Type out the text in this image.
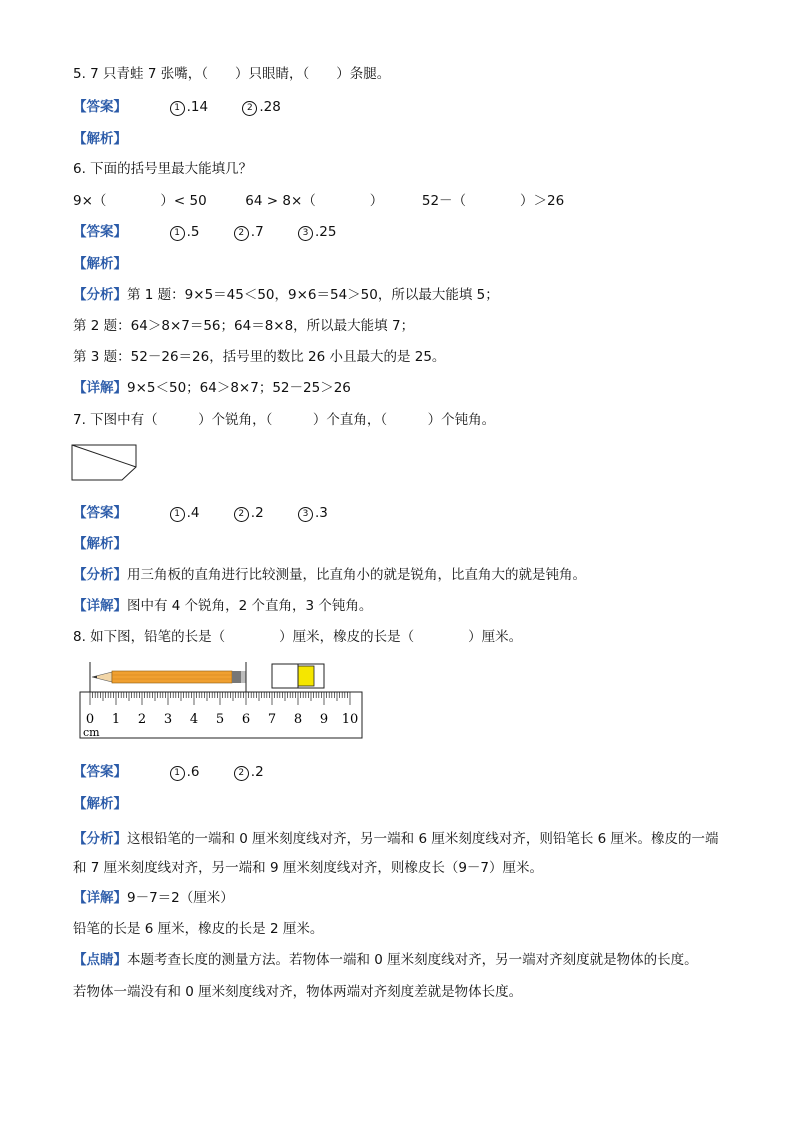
5. 7 只青蛙 7 张嘴，（　　）只眼睛，（　　）条腿。
【答案】	1 .14	2 .28
【解析】
6. 下面的括号里最大能填几？
9×（　　　　）< 50	64 > 8×（　　　　）	52－（　　　　）＞26
【答案】	1 .5	2 .7	3 .25
【解析】
【分析】第 1 题：9×5＝45＜50，9×6＝54＞50，所以最大能填 5；
第 2 题：64＞8×7＝56；64＝8×8，所以最大能填 7；
第 3 题：52－26＝26，括号里的数比 26 小且最大的是 25。
【详解】9×5＜50；64＞8×7；52－25＞26
7. 下图中有（　　　）个锐角，（　　　）个直角，（　　　）个钝角。
【答案】	1 .4	2 .2	3 .3
【解析】
【分析】用三角板的直角进行比较测量，比直角小的就是锐角，比直角大的就是钝角。
【详解】图中有 4 个锐角，2 个直角，3 个钝角。
8. 如下图，铅笔的长是（　　　　）厘米，橡皮的长是（　　　　）厘米。
0 1 2 3 4 5 6 7 8 9 10
cm
【答案】	1 .6	2 .2
【解析】
【分析】这根铅笔的一端和 0 厘米刻度线对齐，另一端和 6 厘米刻度线对齐，则铅笔长 6 厘米。橡皮的一端和 7 厘米刻度线对齐，另一端和 9 厘米刻度线对齐，则橡皮长（9－7）厘米。
【详解】9－7＝2（厘米）
铅笔的长是 6 厘米，橡皮的长是 2 厘米。
【点睛】本题考查长度的测量方法。若物体一端和 0 厘米刻度线对齐，另一端对齐刻度就是物体的长度。
若物体一端没有和 0 厘米刻度线对齐，物体两端对齐刻度差就是物体长度。
